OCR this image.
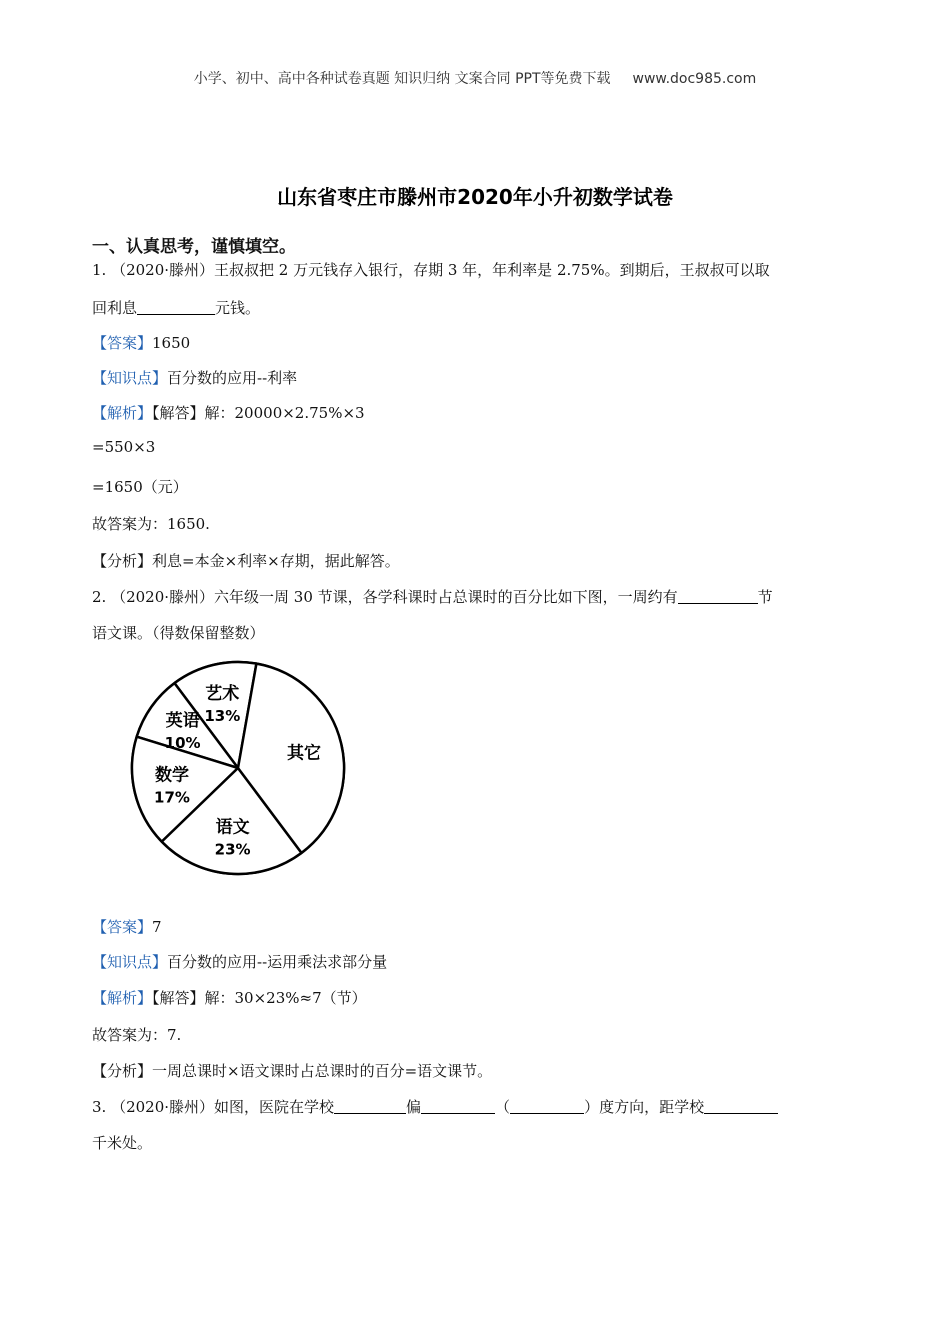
小学、初中、高中各种试卷真题 知识归纳 文案合同 PPT等免费下载 www.doc985.com
山东省枣庄市滕州市2020年小升初数学试卷
一、认真思考，谨慎填空。
1. （2020·滕州）王叔叔把 2 万元钱存入银行，存期 3 年，年利率是 2.75%。到期后，王叔叔可以取
回利息	元钱。
【答案】1650
【知识点】百分数的应用--利率
【解析】【解答】解：20000×2.75%×3
=550×3
=1650（元）
故答案为：1650.
【分析】利息=本金×利率×存期，据此解答。
2. （2020·滕州）六年级一周 30 节课，各学科课时占总课时的百分比如下图，一周约有	节
语文课。（得数保留整数）
艺术
13%
英语
10%
数学
17%
语文
23%
其它
【答案】7
【知识点】百分数的应用--运用乘法求部分量
【解析】【解答】解：30×23%≈7（节）
故答案为：7.
【分析】一周总课时×语文课时占总课时的百分=语文课节。
3. （2020·滕州）如图，医院在学校	偏	（	）度方向，距学校
千米处。
